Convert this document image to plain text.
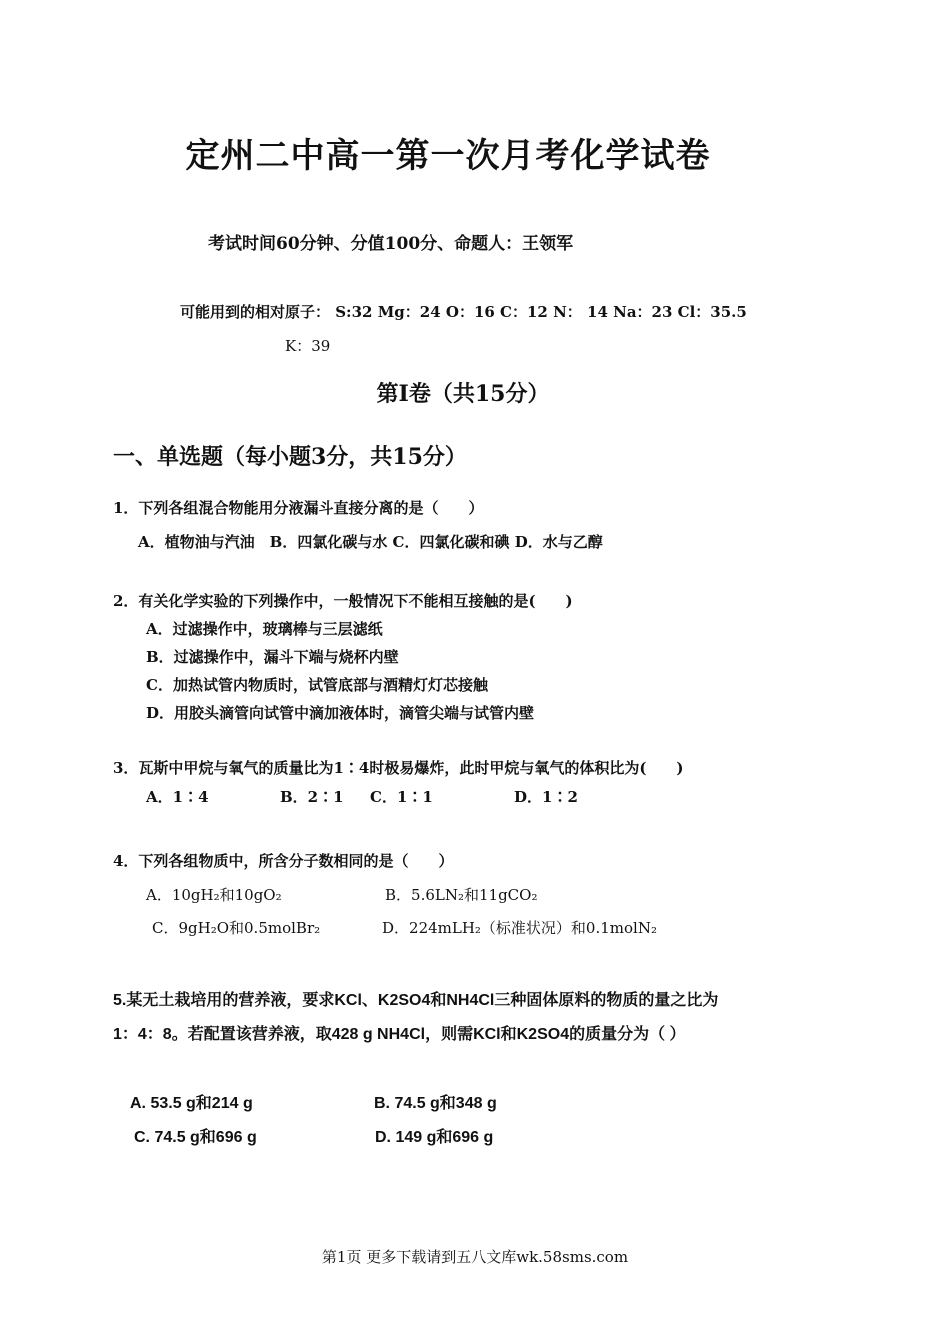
定州二中高一第一次月考化学试卷
考试时间60分钟、分值100分、命题人：王领军
可能用到的相对原子： S:32 Mg：24 O：16 C：12 N： 14 Na：23 Cl：35.5
K：39
第I卷（共15分）
一、单选题（每小题3分，共15分）
1．下列各组混合物能用分液漏斗直接分离的是（　　）
A．植物油与汽油　B．四氯化碳与水 C．四氯化碳和碘 D．水与乙醇
2．有关化学实验的下列操作中，一般情况下不能相互接触的是(　　)
A．过滤操作中，玻璃棒与三层滤纸
B．过滤操作中，漏斗下端与烧杯内壁
C．加热试管内物质时，试管底部与酒精灯灯芯接触
D．用胶头滴管向试管中滴加液体时，滴管尖端与试管内壁
3．瓦斯中甲烷与氧气的质量比为1∶4时极易爆炸，此时甲烷与氧气的体积比为(　　)
A．1∶4	B．2∶1 C．1∶1	D．1∶2
4．下列各组物质中，所含分子数相同的是（　　）
A．10gH₂和10gO₂	B．5.6LN₂和11gCO₂
C．9gH₂O和0.5molBr₂	D．224mLH₂（标准状况）和0.1molN₂
5.某无土栽培用的营养液，要求KCl、K2SO4和NH4Cl三种固体原料的物质的量之比为
1：4：8。若配置该营养液，取428 g NH4Cl，则需KCl和K2SO4的质量分为（ ）
A. 53.5 g和214 g	B. 74.5 g和348 g
C. 74.5 g和696 g	D. 149 g和696 g
第1页 更多下载请到五八文库wk.58sms.com
